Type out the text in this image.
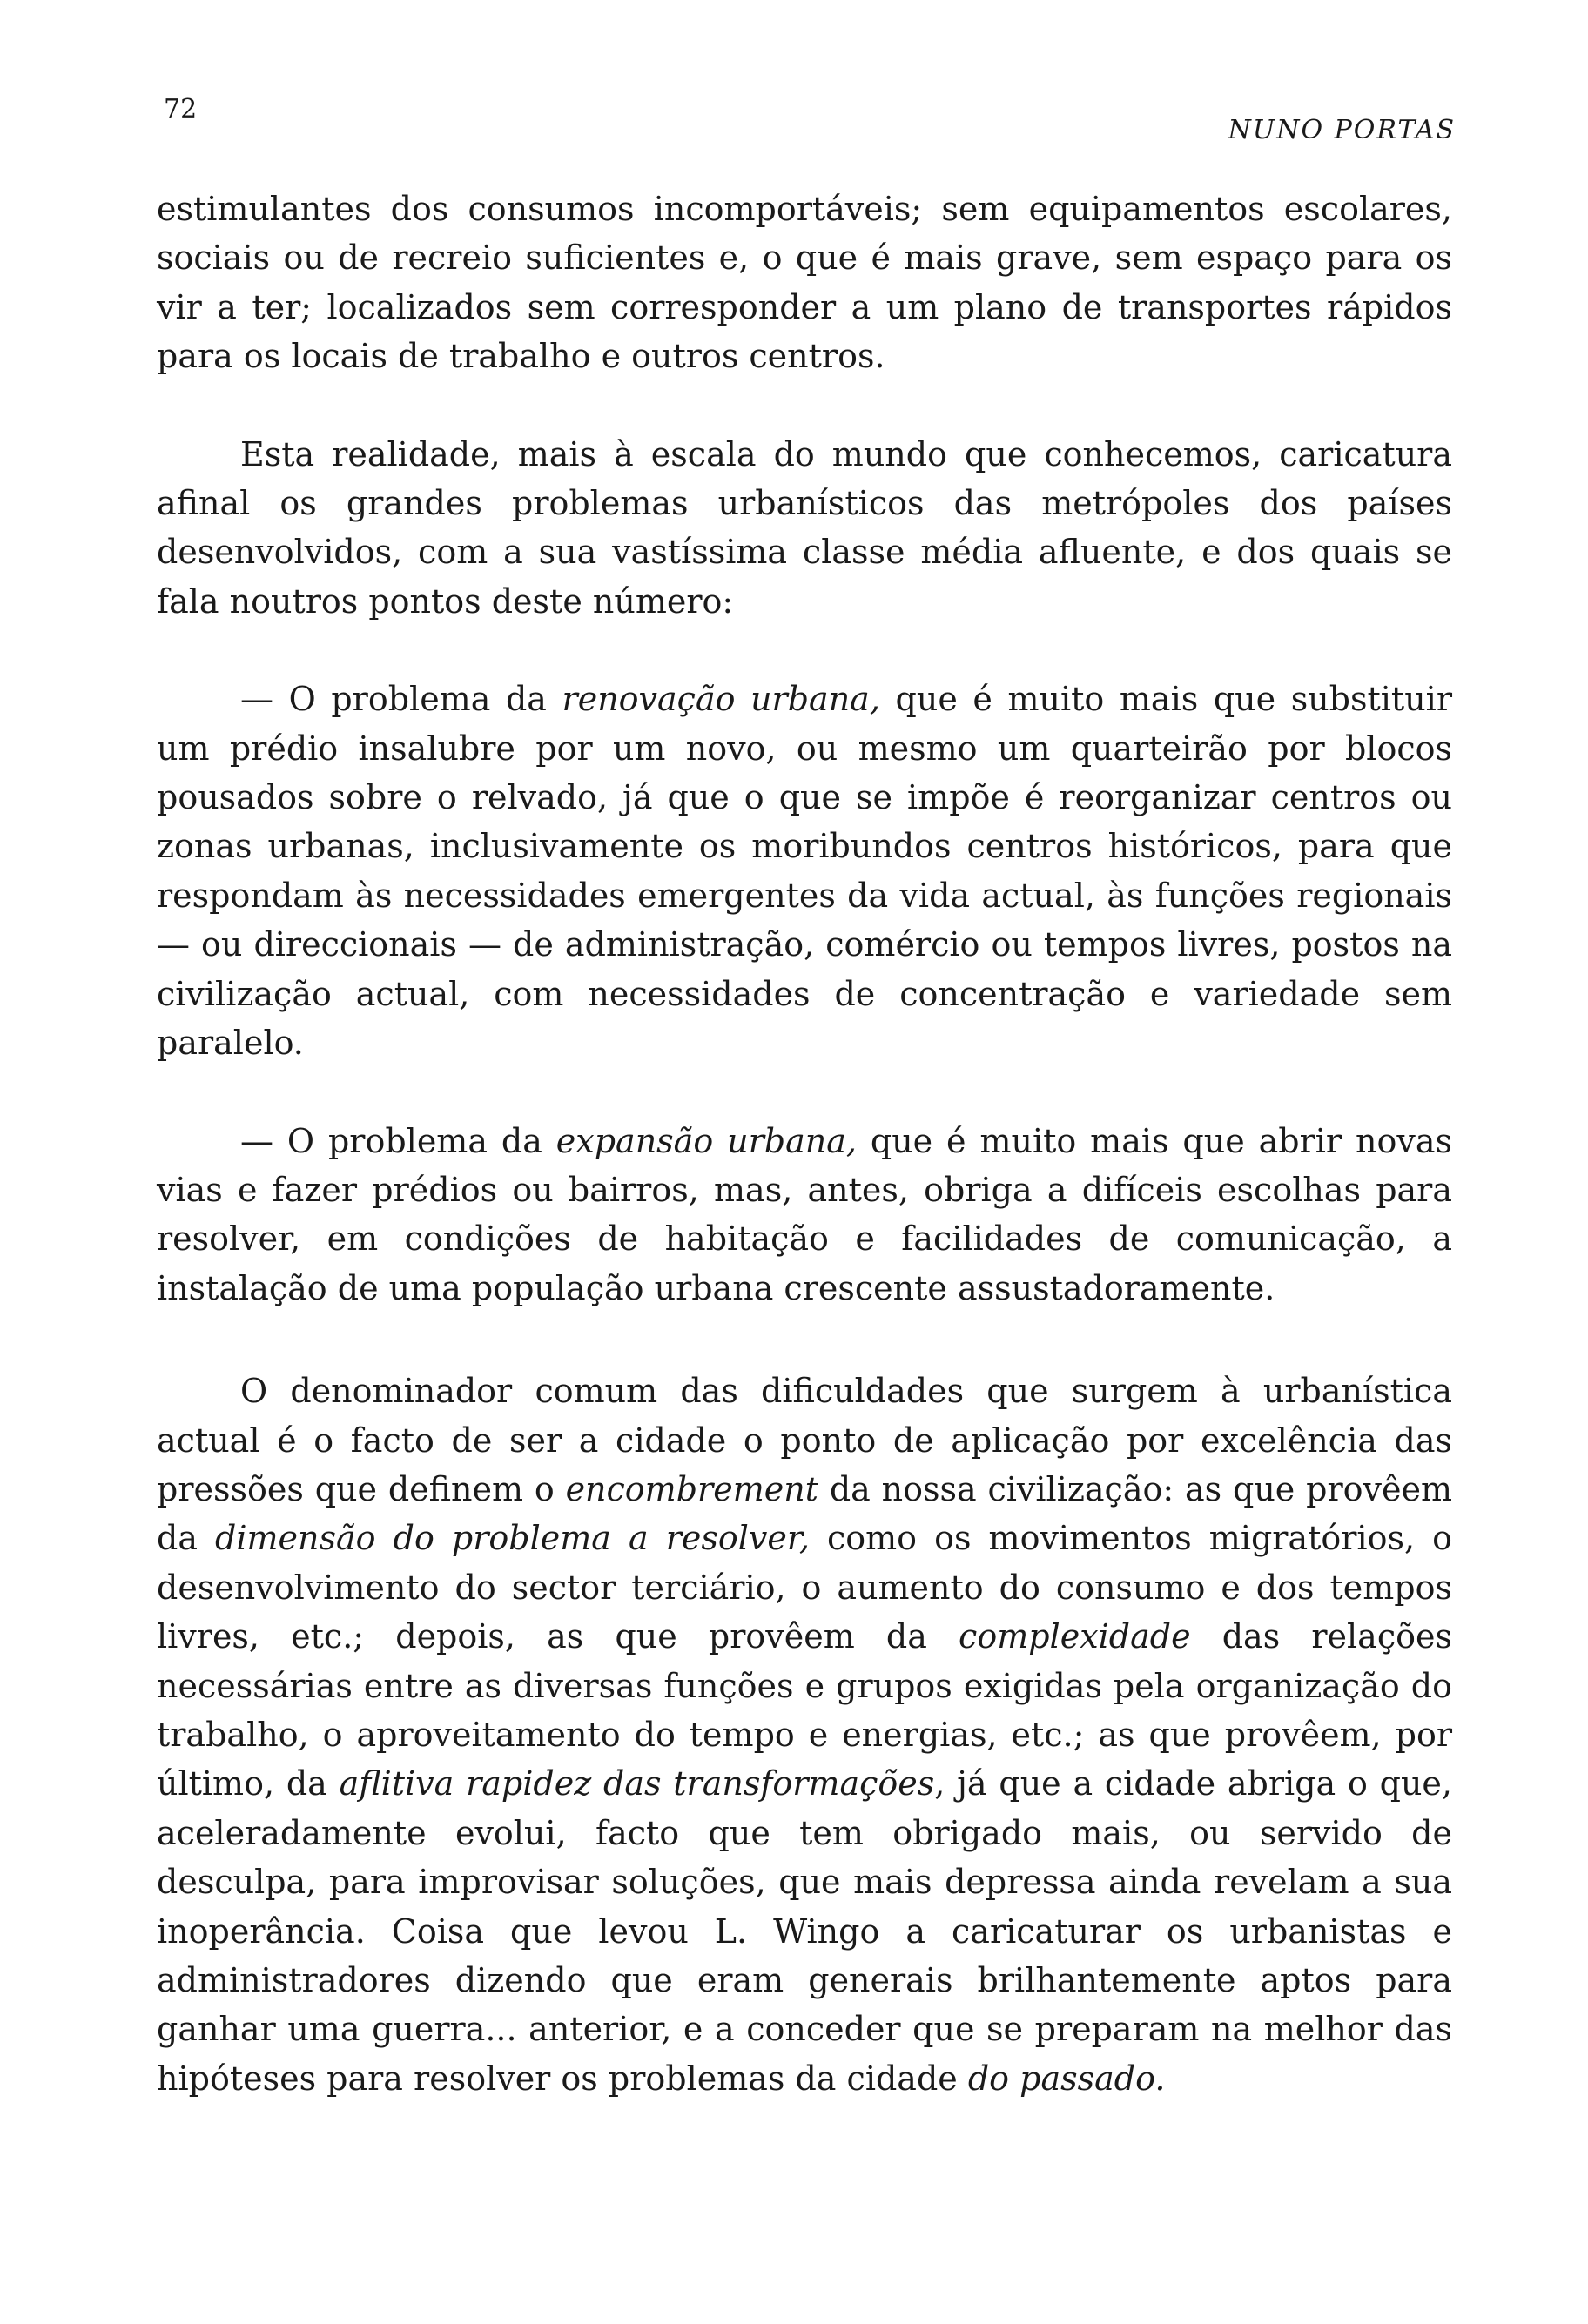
72
NUNO PORTAS

estimulantes dos consumos incomportáveis; sem equipamentos escolares, sociais ou de recreio suficientes e, o que é mais grave, sem espaço para os vir a ter; localizados sem corresponder a um plano de transportes rápidos para os locais de trabalho e outros centros.

Esta realidade, mais à escala do mundo que conhecemos, caricatura afinal os grandes problemas urbanísticos das metrópoles dos países desenvolvidos, com a sua vastíssima classe média afluente, e dos quais se fala noutros pontos deste número:

— O problema da renovação urbana, que é muito mais que substituir um prédio insalubre por um novo, ou mesmo um quarteirão por blocos pousados sobre o relvado, já que o que se impõe é reorganizar centros ou zonas urbanas, inclusivamente os moribundos centros históricos, para que respondam às necessidades emergentes da vida actual, às funções regionais — ou direccionais — de administração, comércio ou tempos livres, postos na civilização actual, com necessidades de concentração e variedade sem paralelo.

— O problema da expansão urbana, que é muito mais que abrir novas vias e fazer prédios ou bairros, mas, antes, obriga a difíceis escolhas para resolver, em condições de habitação e facilidades de comunicação, a instalação de uma população urbana crescente assustadoramente.

O denominador comum das dificuldades que surgem à urbanística actual é o facto de ser a cidade o ponto de aplicação por excelência das pressões que definem o encombrement da nossa civilização: as que provêem da dimensão do problema a resolver, como os movimentos migratórios, o desenvolvimento do sector terciário, o aumento do consumo e dos tempos livres, etc.; depois, as que provêem da complexidade das relações necessárias entre as diversas funções e grupos exigidas pela organização do trabalho, o aproveitamento do tempo e energias, etc.; as que provêem, por último, da aflitiva rapidez das transformações, já que a cidade abriga o que, aceleradamente evolui, facto que tem obrigado mais, ou servido de desculpa, para improvisar soluções, que mais depressa ainda revelam a sua inoperância. Coisa que levou L. Wingo a caricaturar os urbanistas e administradores dizendo que eram generais brilhantemente aptos para ganhar uma guerra... anterior, e a conceder que se preparam na melhor das hipóteses para resolver os problemas da cidade do passado.
